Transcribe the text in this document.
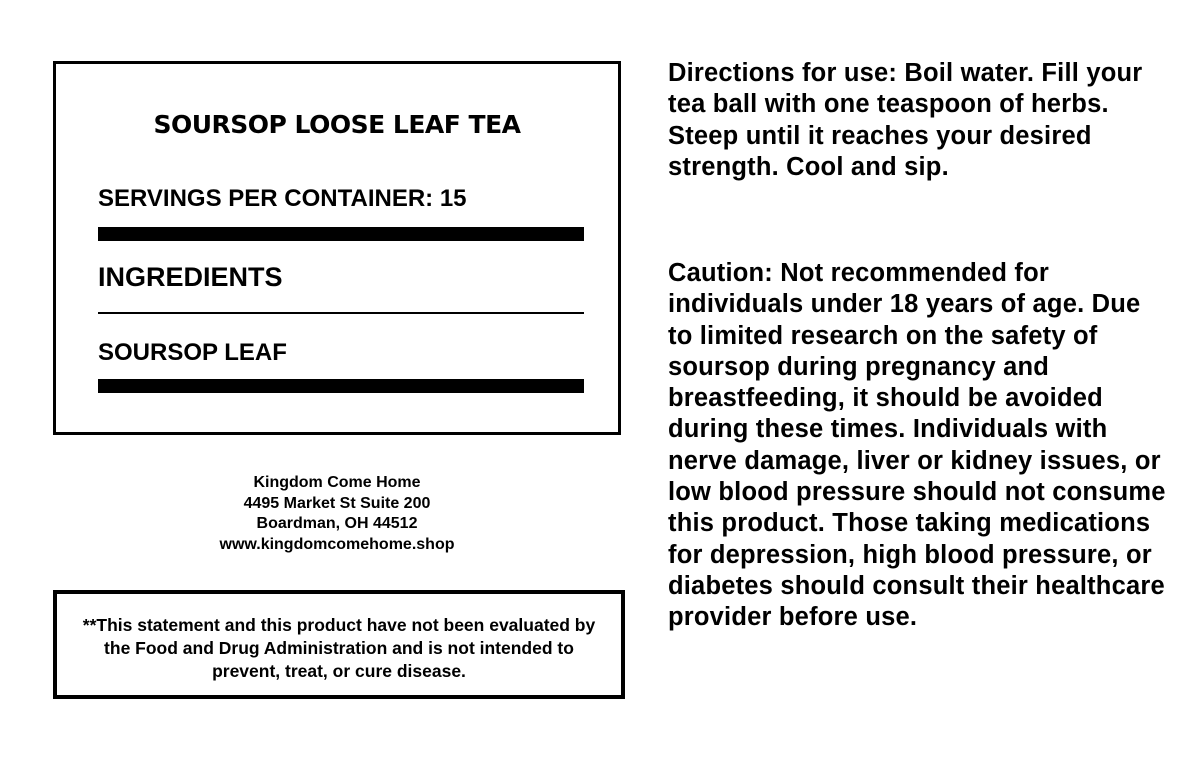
SOURSOP LOOSE LEAF TEA
SERVINGS PER CONTAINER: 15
INGREDIENTS
SOURSOP LEAF
Kingdom Come Home
4495 Market St Suite 200
Boardman, OH 44512
www.kingdomcomehome.shop
**This statement and this product have not been evaluated by the Food and Drug Administration and is not intended to prevent, treat, or cure disease.
Directions for use: Boil water. Fill your tea ball with one teaspoon of herbs. Steep until it reaches your desired strength. Cool and sip.
Caution: Not recommended for individuals under 18 years of age. Due to limited research on the safety of soursop during pregnancy and breastfeeding, it should be avoided during these times. Individuals with nerve damage, liver or kidney issues, or low blood pressure should not consume this product. Those taking medications for depression, high blood pressure, or diabetes should consult their healthcare provider before use.
